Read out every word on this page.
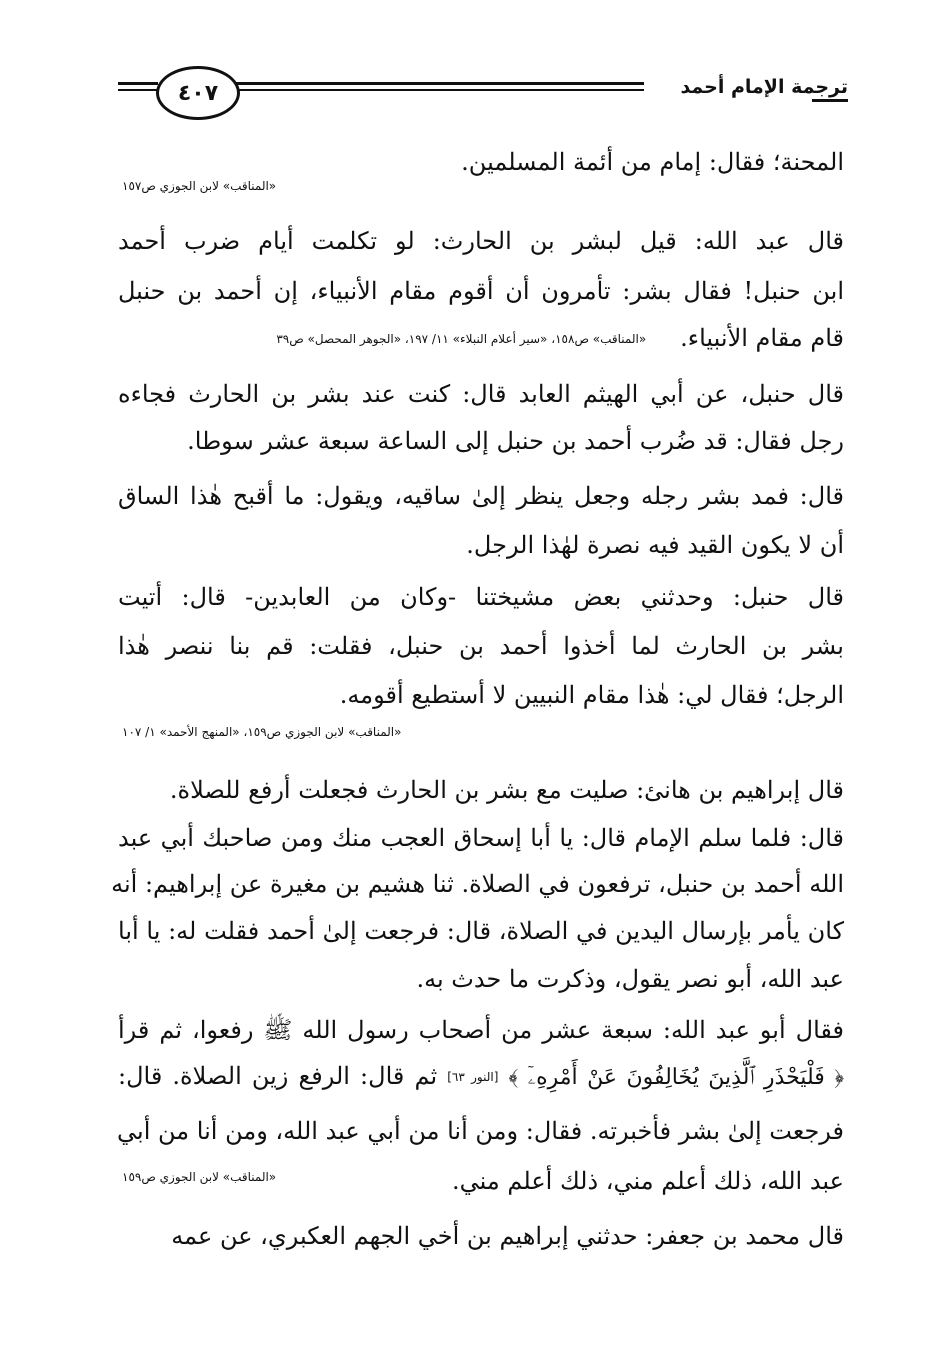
٤٠٧	ترجمة الإمام أحمد
المحنة؛ فقال: إمام من أئمة المسلمين.
«المناقب» لابن الجوزي ص١٥٧
قال عبد الله: قيل لبشر بن الحارث: لو تكلمت أيام ضرب أحمد
ابن حنبل! فقال بشر: تأمرون أن أقوم مقام الأنبياء، إن أحمد بن حنبل
قام مقام الأنبياء.«المناقب» ص١٥٨، «سير أعلام النبلاء» ١١/ ١٩٧، «الجوهر المحصل» ص٣٩
قال حنبل، عن أبي الهيثم العابد قال: كنت عند بشر بن الحارث فجاءه
رجل فقال: قد ضُرب أحمد بن حنبل إلى الساعة سبعة عشر سوطا.
قال: فمد بشر رجله وجعل ينظر إلىٰ ساقيه، ويقول: ما أقبح هٰذا الساق
أن لا يكون القيد فيه نصرة لهٰذا الرجل.
قال حنبل: وحدثني بعض مشيختنا -وكان من العابدين- قال: أتيت
بشر بن الحارث لما أخذوا أحمد بن حنبل، فقلت: قم بنا ننصر هٰذا
الرجل؛ فقال لي: هٰذا مقام النبيين لا أستطيع أقومه.
«المناقب» لابن الجوزي ص١٥٩، «المنهج الأحمد» ١/ ١٠٧
قال إبراهيم بن هانئ: صليت مع بشر بن الحارث فجعلت أرفع للصلاة.
قال: فلما سلم الإمام قال: يا أبا إسحاق العجب منك ومن صاحبك أبي عبد
الله أحمد بن حنبل، ترفعون في الصلاة. ثنا هشيم بن مغيرة عن إبراهيم: أنه
كان يأمر بإرسال اليدين في الصلاة، قال: فرجعت إلىٰ أحمد فقلت له: يا أبا
عبد الله، أبو نصر يقول، وذكرت ما حدث به.
فقال أبو عبد الله: سبعة عشر من أصحاب رسول الله ﷺ رفعوا، ثم قرأ
﴿ فَلْيَحْذَرِ ٱلَّذِينَ يُخَالِفُونَ عَنْ أَمْرِهِۦٓ ﴾ [النور ٦٣] ثم قال: الرفع زين الصلاة. قال:
فرجعت إلىٰ بشر فأخبرته. فقال: ومن أنا من أبي عبد الله، ومن أنا من أبي
عبد الله، ذلك أعلم مني، ذلك أعلم مني.
«المناقب» لابن الجوزي ص١٥٩
قال محمد بن جعفر: حدثني إبراهيم بن أخي الجهم العكبري، عن عمه
